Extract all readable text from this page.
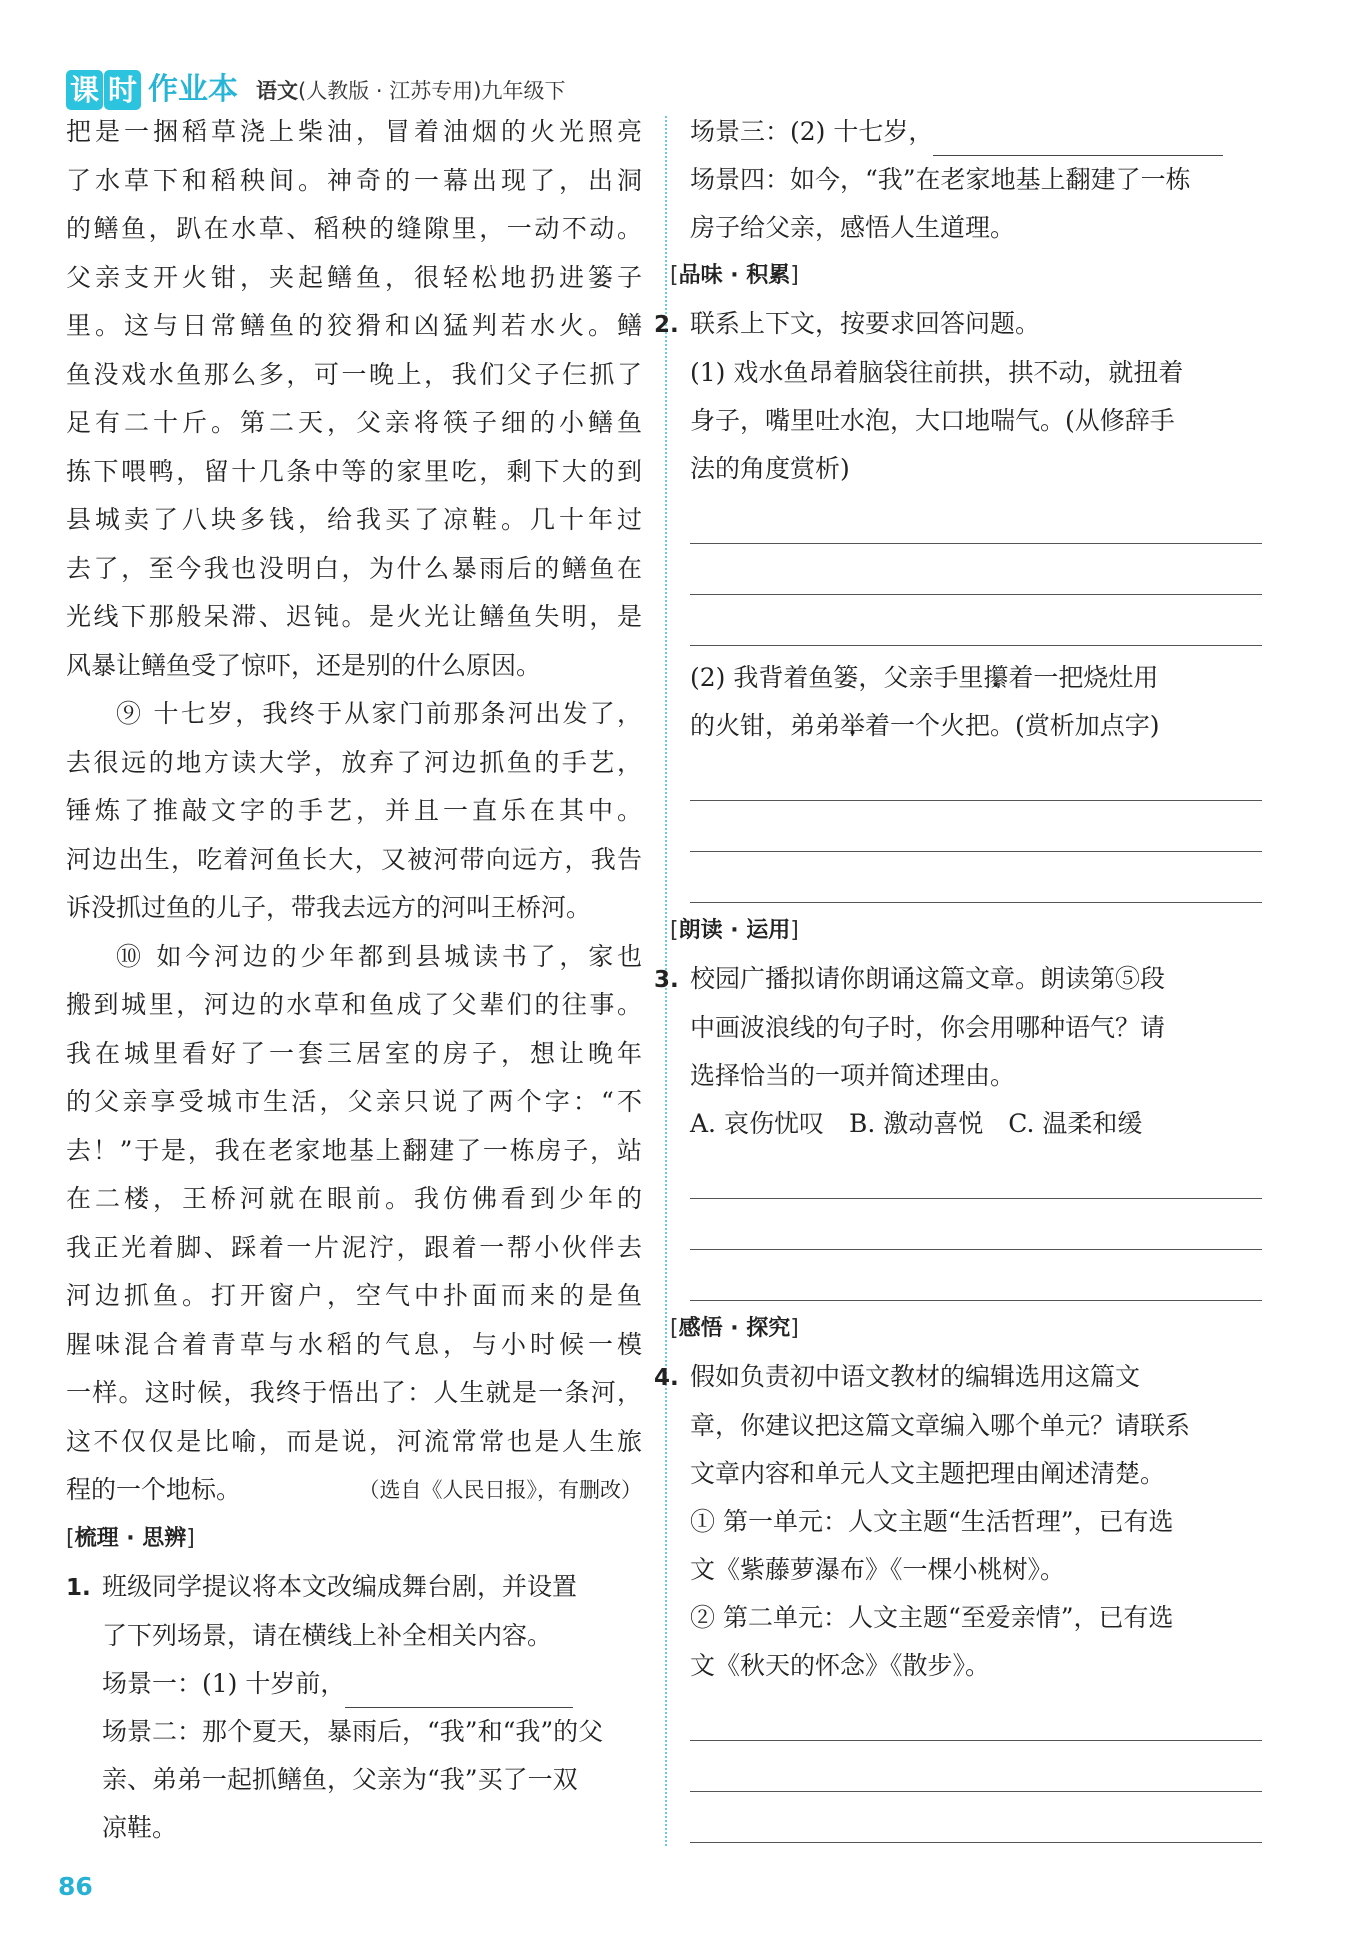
课 时 作业本 语文(人教版 · 江苏专用)九年级下
把是一捆稻草浇上柴油，冒着油烟的火光照亮
了水草下和稻秧间。神奇的一幕出现了，出洞
的鳝鱼，趴在水草、稻秧的缝隙里，一动不动。
父亲支开火钳，夹起鳝鱼，很轻松地扔进篓子
里。这与日常鳝鱼的狡猾和凶猛判若水火。鳝
鱼没戏水鱼那么多，可一晚上，我们父子仨抓了
足有二十斤。第二天，父亲将筷子细的小鳝鱼
拣下喂鸭，留十几条中等的家里吃，剩下大的到
县城卖了八块多钱，给我买了凉鞋。几十年过
去了，至今我也没明白，为什么暴雨后的鳝鱼在
光线下那般呆滞、迟钝。是火光让鳝鱼失明，是
风暴让鳝鱼受了惊吓，还是别的什么原因。
⑨ 十七岁，我终于从家门前那条河出发了，
去很远的地方读大学，放弃了河边抓鱼的手艺，
锤炼了推敲文字的手艺，并且一直乐在其中。
河边出生，吃着河鱼长大，又被河带向远方，我告
诉没抓过鱼的儿子，带我去远方的河叫王桥河。
⑩ 如今河边的少年都到县城读书了，家也
搬到城里，河边的水草和鱼成了父辈们的往事。
我在城里看好了一套三居室的房子，想让晚年
的父亲享受城市生活，父亲只说了两个字：“不
去！”于是，我在老家地基上翻建了一栋房子，站
在二楼，王桥河就在眼前。我仿佛看到少年的
我正光着脚、踩着一片泥泞，跟着一帮小伙伴去
河边抓鱼。打开窗户，空气中扑面而来的是鱼
腥味混合着青草与水稻的气息，与小时候一模
一样。这时候，我终于悟出了：人生就是一条河，
这不仅仅是比喻，而是说，河流常常也是人生旅
程的一个地标。	（选自《人民日报》，有删改）
[梳理 · 思辨]
1. 班级同学提议将本文改编成舞台剧，并设置
了下列场景，请在横线上补全相关内容。
场景一：(1) 十岁前，
场景二：那个夏天，暴雨后，“我”和“我”的父
亲、弟弟一起抓鳝鱼，父亲为“我”买了一双
凉鞋。
场景三：(2) 十七岁，
场景四：如今，“我”在老家地基上翻建了一栋
房子给父亲，感悟人生道理。
[品味 · 积累]
2. 联系上下文，按要求回答问题。
(1) 戏水鱼昂着脑袋往前拱，拱不动，就扭着
身子，嘴里吐水泡，大口地喘气。(从修辞手
法的角度赏析)
(2) 我背着鱼篓，父亲手里攥着一把烧灶用
的火钳，弟弟举着一个火把。(赏析加点字)
[朗读 · 运用]
3. 校园广播拟请你朗诵这篇文章。朗读第⑤段
中画波浪线的句子时，你会用哪种语气？请
选择恰当的一项并简述理由。
A. 哀伤忧叹　B. 激动喜悦　C. 温柔和缓
[感悟 · 探究]
4. 假如负责初中语文教材的编辑选用这篇文
章，你建议把这篇文章编入哪个单元？请联系
文章内容和单元人文主题把理由阐述清楚。
① 第一单元：人文主题“生活哲理”，已有选
文《紫藤萝瀑布》《一棵小桃树》。
② 第二单元：人文主题“至爱亲情”，已有选
文《秋天的怀念》《散步》。
86
